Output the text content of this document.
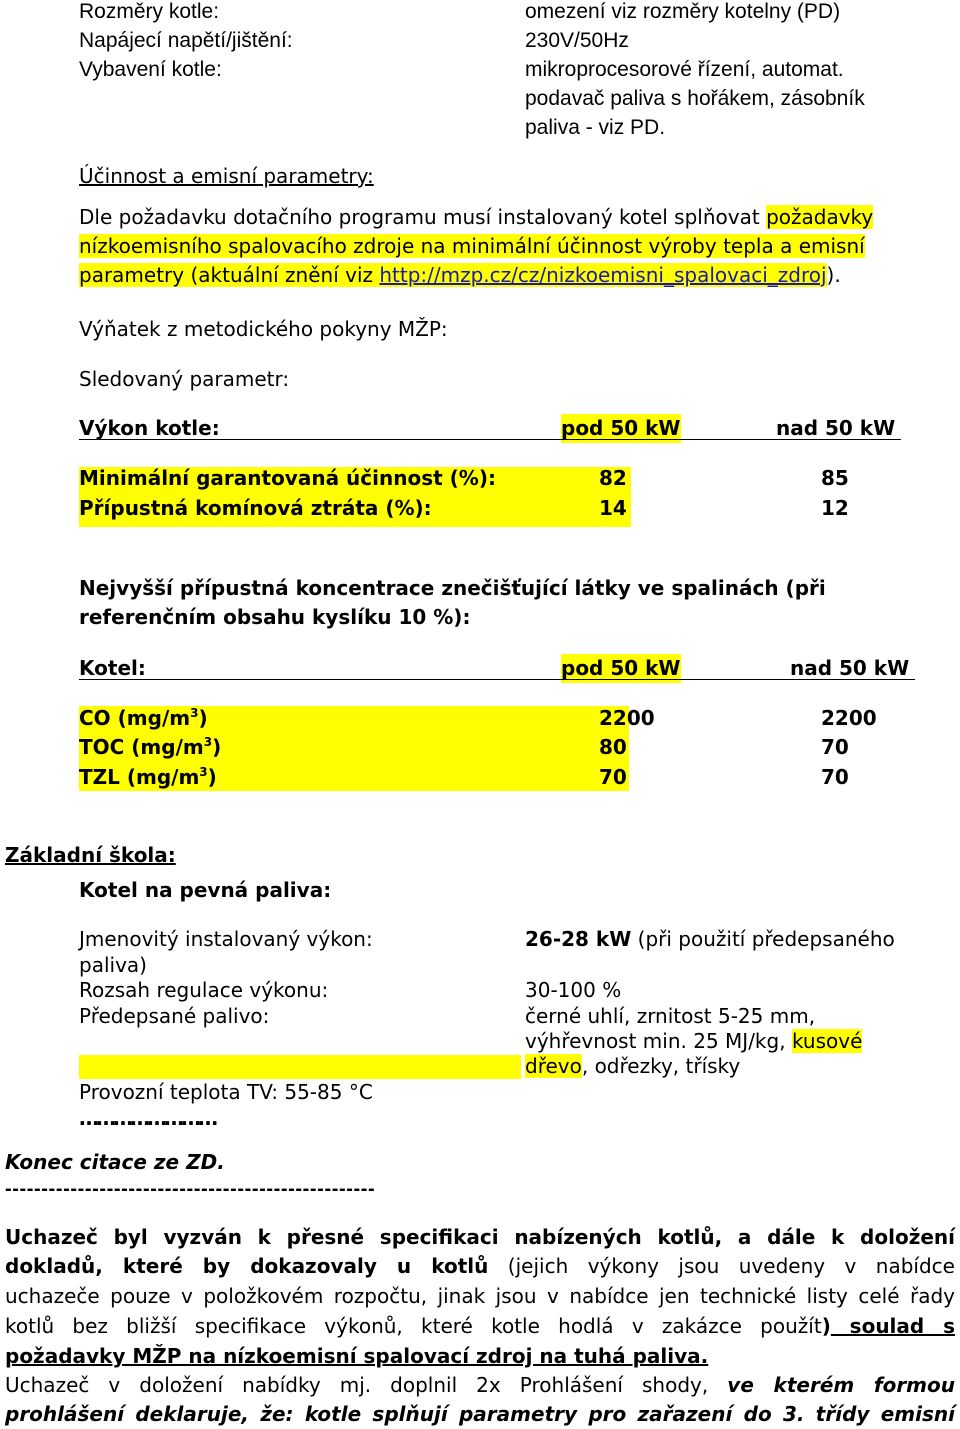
Rozměry kotle:	omezení viz rozměry kotelny (PD)
Napájecí napětí/jištění:	230V/50Hz
Vybavení kotle:	mikroprocesorové řízení, automat.
podavač paliva s hořákem, zásobník
paliva - viz PD.
Účinnost a emisní parametry:
Dle požadavku dotačního programu musí instalovaný kotel splňovat požadavky
nízkoemisního spalovacího zdroje na minimální účinnost výroby tepla a emisní
parametry (aktuální znění viz http://mzp.cz/cz/nizkoemisni_spalovaci_zdroj).
Výňatek z metodického pokyny MŽP:
Sledovaný parametr:
Výkon kotle:	pod 50 kW	nad 50 kW
Minimální garantovaná účinnost (%):	82	85
Přípustná komínová ztráta (%):	14	12
Nejvyšší přípustná koncentrace znečišťující látky ve spalinách (při
referenčním obsahu kyslíku 10 %):
Kotel:	pod 50 kW	nad 50 kW
CO $(mg/m^3)$	2200	2200
TOC $(mg/m^3)$	80	70
TZL $(mg/m^3)$	70	70
Základní škola:
Kotel na pevná paliva:
Jmenovitý instalovaný výkon:	26-28 kW (při použití předepsaného
paliva)
Rozsah regulace výkonu:	30-100 %
Předepsané palivo:	černé uhlí, zrnitost 5-25 mm,
výhřevnost min. 25 MJ/kg, kusové
dřevo, odřezky, třísky
Provozní teplota TV: 55-85 °C
……………………
Konec citace ze ZD.
---------------------------------------------------
Uchazeč byl vyzván k přesné specifikaci nabízených kotlů, a dále k doložení
dokladů, které by dokazovaly u kotlů (jejich výkony jsou uvedeny v nabídce
uchazeče pouze v položkovém rozpočtu, jinak jsou v nabídce jen technické listy celé řady
kotlů bez bližší specifikace výkonů, které kotle hodlá v zakázce použít) soulad s
požadavky MŽP na nízkoemisní spalovací zdroj na tuhá paliva.
Uchazeč v doložení nabídky mj. doplnil 2x Prohlášení shody, ve kterém formou
prohlášení deklaruje, že: kotle splňují parametry pro zařazení do 3. třídy emisní
